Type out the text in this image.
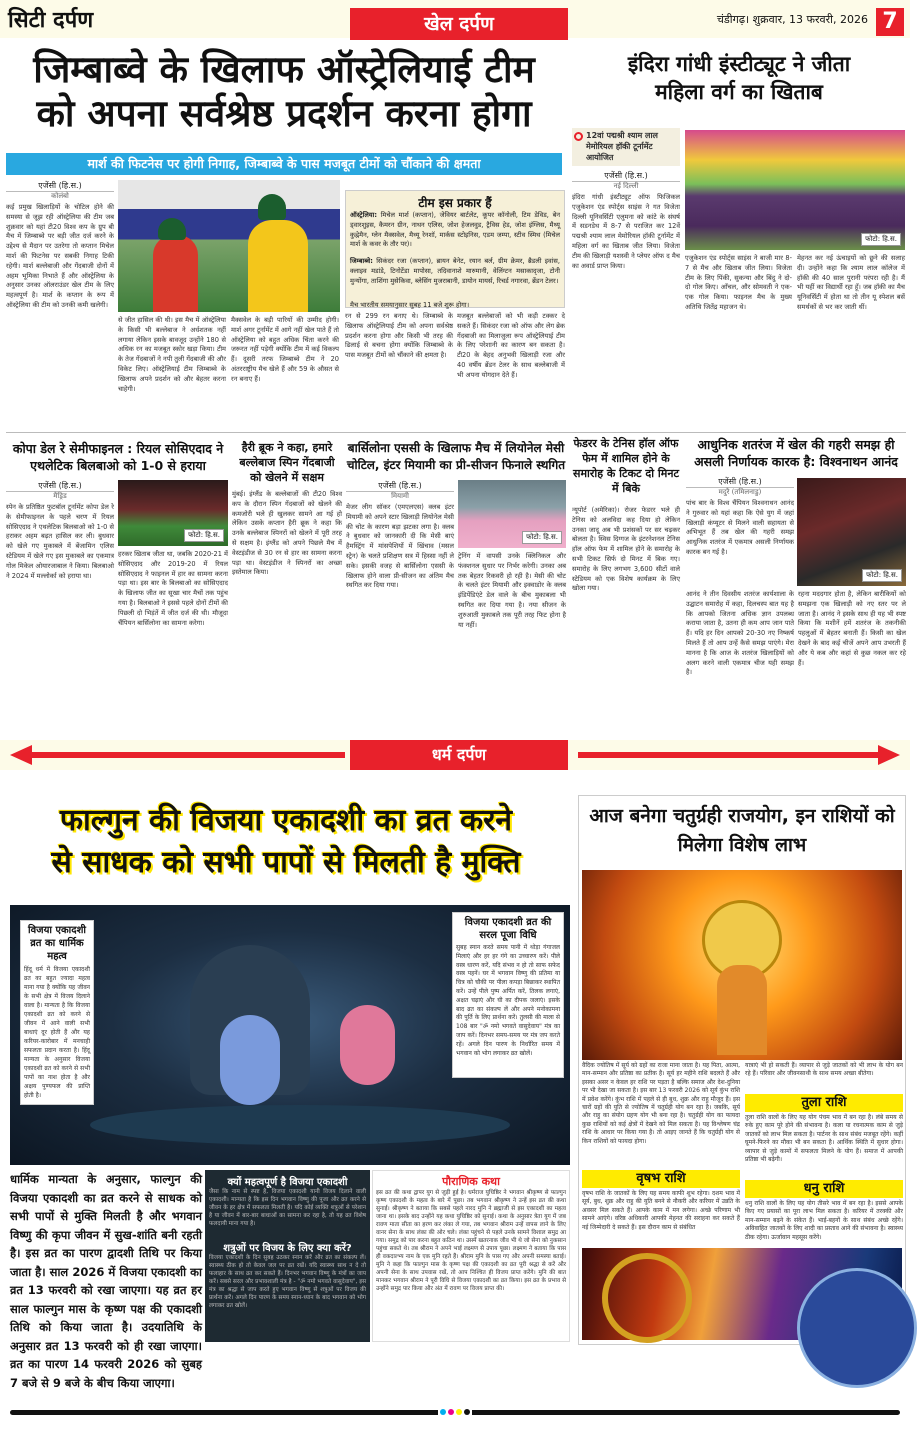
सिटी दर्पण	खेल दर्पण	चंडीगढ़। शुक्रवार, 13 फरवरी, 2026 7
जिम्बाब्वे के खिलाफ ऑस्ट्रेलियाई टीम
को अपना सर्वश्रेष्ठ प्रदर्शन करना होगा
मार्श की फिटनेस पर होगी निगाह, जिम्बाब्वे के पास मजबूत टीमों को चौंकाने की क्षमता
एजेंसी (हि.स.)
कोलंबो
कई प्रमुख खिलाड़ियों के चोटिल होने की समस्या से जूझ रही ऑस्ट्रेलिया की टीम जब शुक्रवार को यहां टी20 विश्व कप के ग्रुप बी मैच में जिम्बाब्वे पर बड़ी जीत दर्ज करने के उद्देश्य से मैदान पर उतरेगा तो कप्तान मिचेल मार्श की फिटनेस पर सबकी निगाह टिकी रहेगी। मार्श बल्लेबाजी और गेंदबाजी दोनों में अहम भूमिका निभाते हैं और ऑस्ट्रेलिया के अनुसार उनका ऑलराउंडर खेल टीम के लिए महत्वपूर्ण है। मार्श के कप्तान के रूप में ऑस्ट्रेलिया की टीम को उनकी कमी खलेगी।
से जीत हासिल की थी। इस मैच में ऑस्ट्रेलिया के किसी भी बल्लेबाज ने अर्धशतक नहीं लगाया लेकिन इसके बावजूद उन्होंने 180 से अधिक रन का मजबूत स्कोर खड़ा किया। टीम के तेज गेंदबाजों ने नपी तुली गेंदबाजी की और विकेट लिए। ऑस्ट्रेलियाई टीम जिम्बाब्वे के खिलाफ अपने प्रदर्शन को और बेहतर करना चाहेगी।
मैक्सवेल के बड़ी पारियों की उम्मीद होगी। मार्श अगर टूर्नामेंट में आगे नहीं खेल पाते हैं तो ऑस्ट्रेलिया को बहुत अधिक चिंता करने की जरूरत नहीं पड़ेगी क्योंकि टीम में कई विकल्प हैं। दूसरी तरफ जिम्बाब्वे टीम ने 20 अंतरराष्ट्रीय मैच खेले हैं और 59 के औसत से रन बनाए हैं।
टीम इस प्रकार हैं
ऑस्ट्रेलिया: मिचेल मार्श (कप्तान), जेवियर बार्टलेट, कूपर कॉनोली, टिम डेविड, बेन ड्वारशुइस, कैमरन ग्रीन, नाथन एलिस, जोश हेजलवुड, ट्रैविस हेड, जोश इंग्लिस, मैथ्यू कुह्नेमैन, ग्लेन मैक्सवेल, मैथ्यू रेनशॉ, मार्कस स्टोइनिस, एडम जम्पा, स्टीव स्मिथ (मिचेल मार्श के कवर के तौर पर)।
जिम्बाब्वे: सिकंदर रजा (कप्तान), ब्रायन बेनेट, रयान बर्ल, ग्रीम क्रेमर, ब्रैडली इवांस, क्लाइव मडांडे, टिनोटेंडा मापोसा, तदिवानाशे मारुमानी, वेलिंग्टन मसाकाद्जा, टोनी मुन्योंगा, ताशिंगा मुसेकिवा, ब्लेसिंग मुजराबानी, डायोन मायर्स, रिचर्ड नगारवा, ब्रेंडन टेलर।
मैच भारतीय समयानुसार सुबह 11 बजे शुरू होगा।
रन से 299 रन बनाए थे। जिम्बाब्वे के खिलाफ ऑस्ट्रेलियाई टीम को अपना सर्वश्रेष्ठ प्रदर्शन करना होगा और किसी भी तरह की ढिलाई से बचना होगा क्योंकि जिम्बाब्वे के पास मजबूत टीमों को चौंकाने की क्षमता है।
मजबूत बल्लेबाजों को भी कड़ी टक्कर दे सकते हैं। सिकंदर रजा को ऑफ और लेग ब्रेक गेंदबाजी का मिलाजुला रूप ऑस्ट्रेलियाई टीम के लिए परेशानी का कारण बन सकता है। टी20 के बेहद अनुभवी खिलाड़ी रजा और 40 वर्षीय ब्रेंडन टेलर के साथ बल्लेबाजी में भी अपना योगदान देते हैं।
इंदिरा गांधी इंस्टीट्यूट ने जीता
महिला वर्ग का खिताब
12वां पद्मश्री श्याम लाल मेमोरियल हॉकी टूर्नामेंट आयोजित
एजेंसी (हि.स.)
नई दिल्ली
इंदिरा गांधी इंस्टीट्यूट ऑफ फिजिकल एजुकेशन एंड स्पोर्ट्स साइंस ने गत विजेता दिल्ली यूनिवर्सिटी एलुमना को कांटे के संघर्ष में सडनडेथ में 8-7 से पराजित कर 12वें पद्मश्री श्याम लाल मेमोरियल हॉकी टूर्नामेंट में महिला वर्ग का खिताब जीत लिया। विजेता टीम की खिलाड़ी यशस्वी ने प्लेयर ऑफ द मैच का अवार्ड प्राप्त किया।
फोटो: हि.स.
एजुकेशन एंड स्पोर्ट्स साइंस ने बाजी मार 8-7 से मैच और खिताब जीत लिया। विजेता टीम के लिए पिंकी, सुकन्या और बिंदु ने दो- दो गोल किए। आँचल, और सोमवती ने एक-एक गोल किया। फाइनल मैच के मुख्य अतिथि जितेंद्र महाजन थे।
मेहनत कर नई ऊंचाइयों को छूने की सलाह दी। उन्होंने कहा कि श्याम लाल कॉलेज में हॉकी की 40 साल पुरानी परंपरा रही है। मैं भी यहीं का विद्यार्थी रहा हूँ। जब हॉकी का मैच यूनिवर्सिटी में होता था तो तीन यू स्पेशल बसें समर्थकों से भर कर जाती थीं।
कोपा डेल रे सेमीफाइनल : रियल सोसिएदाद ने एथलेटिक बिलबाओ को 1-0 से हराया
एजेंसी (हि.स.)
मैड्रिड
स्पेन के प्रतिष्ठित फुटबॉल टूर्नामेंट कोपा डेल रे के सेमीफाइनल के पहले चरण में रियल सोसिएदाद ने एथलेटिक बिलबाओ को 1-0 से हराकर अहम बढ़त हासिल कर ली। बुधवार को खेले गए मुकाबले में बेंजामिन एलिस स्टेडियम में खेले गए इस मुकाबले का एकमात्र गोल मिकेल ओयारजाबाल ने किया। बिलबाओ ने 2024 में मल्लोर्का को हराया था।
फोटो: हि.स.
हरकर खिताब जीता था, जबकि 2020-21 में सोसिएदाद और 2019-20 में रियल सोसिएदाद ने फाइनल में हार का सामना करना पड़ा था। इस बार के बिलबाओ का सोसिएदाद के खिलाफ जीत का सूखा चार मैचों तक पहुंच गया है। बिलबाओ ने इससे पहले दोनों टीमों की पिछली दो भिड़ंतें में जीत दर्ज की थी। मौजूदा चैंपियन बार्सिलोना का सामना करेगा।
हैरी ब्रूक ने कहा, हमारे बल्लेबाज स्पिन गेंदबाजी को खेलने में सक्षम
मुंबई। इंग्लैंड के बल्लेबाजों की टी20 विश्व कप के दौरान स्पिन गेंदबाजों को खेलने की कमजोरी भले ही खुलकर सामने आ गई हो लेकिन उसके कप्तान हैरी ब्रूक ने कहा कि उनके बल्लेबाज स्पिनरों को खेलने में पूरी तरह से सक्षम है। इंग्लैंड को अपने पिछले मैच में वेस्टइंडीज से 30 रन से हार का सामना करना पड़ा था। वेस्टइंडीज ने स्पिनरों का अच्छा इस्तेमाल किया।
बार्सिलोना एससी के खिलाफ मैच में लियोनेल मेसी चोटिल, इंटर मियामी का प्री-सीजन फिनाले स्थगित
एजेंसी (हि.स.)
मियामी
मेजर लीग सॉकर (एमएलएस) क्लब इंटर मियामी को अपने स्टार खिलाड़ी लियोनेल मेसी की चोट के कारण बड़ा झटका लगा है। क्लब ने बुधवार को जानकारी दी कि मेसी बाएं हैमस्ट्रिंग में मांसपेशियों में खिंचाव (मसल स्ट्रेन) के चलते प्रशिक्षण सत्र में हिस्सा नहीं ले सके। इसकी वजह से बार्सिलोना एससी के खिलाफ होने वाला प्री-सीजन का अंतिम मैच स्थगित कर दिया गया।
फोटो: हि.स.
ट्रेनिंग में वापसी उनके क्लिनिकल और फंक्शनल सुधार पर निर्भर करेगी। उनका अब तक बेहतर रिकवरी हो रही है। मेसी की चोट के चलते इंटर मियामी और इक्वाडोर के क्लब इंडिपेंडिएंटे डेल वाले के बीच मुकाबला भी स्थगित कर दिया गया है। नया सीजन के शुरुआती मुकाबले तक पूरी तरह फिट होना है या नहीं।
फेडरर के टेनिस हॉल ऑफ फेम में शामिल होने के समारोह के टिकट दो मिनट में बिके
न्यूपोर्ट (अमेरिका)। रोजर फेडरर भले ही टेनिस को अलविदा कह दिया हो लेकिन उनका जादू अब भी प्रशंसकों पर सर चढ़कर बोलता है। स्विस दिग्गज के इंटरनेशनल टेनिस हॉल ऑफ फेम में शामिल होने के समारोह के सभी टिकट सिर्फ दो मिनट में बिक गए। समारोह के लिए लगभग 3,600 सीटों वाले स्टेडियम को एक विशेष कार्यक्रम के लिए खोला गया।
आधुनिक शतरंज में खेल की गहरी समझ ही असली निर्णायक कारक है: विश्वनाथन आनंद
एजेंसी (हि.स.)
मदुरै (तमिलनाडु)
पांच बार के विश्व चैंपियन विश्वनाथन आनंद ने गुरुवार को यहां कहा कि ऐसे युग में जहां खिलाड़ी कंप्यूटर से मिलने वाली सहायता से अभिभूत हैं तब खेल की गहरी समझ आधुनिक शतरंज में एकमात्र असली निर्णायक कारक बन गई है।
फोटो: हि.स.
आनंद ने तीन दिवसीय शतरंज कार्यशाला के उद्घाटन समारोह में कहा, दिलचस्प बात यह है कि आपको जितना अधिक ज्ञान उपलब्ध कराया जाता है, उतना ही कम आप जान पाते हैं। यदि हर दिन आपको 20-30 नए निष्कर्ष मिलते हैं तो आप उन्हें कैसे समझ पाएंगे। मेरा मानना है कि आज के शतरंज खिलाड़ियों को अलग करने वाली एकमात्र चीज यही समझ है।
रहना मददगार होता है, लेकिन बारीकियों को समझना एक खिलाड़ी को नए स्तर पर ले जाता है। आनंद ने इसके साथ ही यह भी स्पष्ट किया कि मशीनें हमें शतरंज के तकनीकी पहलुओं में बेहतर बनाती हैं। किसी का खेल देखने के बाद कई चीजें अपने आप उभरती हैं और ये कब और कहां से कुछ नकल कर रहे हैं।
धर्म दर्पण
फाल्गुन की विजया एकादशी का व्रत करने
से साधक को सभी पापों से मिलती है मुक्ति
विजया एकादशी व्रत का धार्मिक महत्व
हिंदू धर्म में विजया एकादशी व्रत का बहुत ज्यादा महत्व माना गया है क्योंकि यह जीवन के सभी क्षेत्र में विजय दिलाने वाला है। मान्यता है कि विजया एकादशी व्रत को करने से जीवन में आने वाली सभी बाधाएं दूर होती हैं और यह करियर-कारोबार में मनचाही सफलता प्रदान करता है। हिंदू मान्यता के अनुसार विजया एकादशी व्रत को करने से सभी पापों का नाश होता है और अक्षय पुण्यफल की प्राप्ति होती है।
विजया एकादशी व्रत की सरल पूजा विधि
सुबह स्नान करते समय पानी में थोड़ा गंगाजल मिलाएं और हर हर गंगे का उच्चारण करें। पीले वस्त्र धारण करें, यदि संभव न हो तो साफ सफेद वस्त्र पहनें। घर में भगवान विष्णु की प्रतिमा या चित्र को चौकी पर पीला कपड़ा बिछाकर स्थापित करें। उन्हें पीले पुष्प अर्पित करें, तिलक लगाएं, अक्षत चढ़ाएं और घी का दीपक जलाएं। इसके बाद व्रत का संकल्प लें और अपने मनोकामना की पूर्ति के लिए प्रार्थना करें। तुलसी की माला से 108 बार "ॐ नमो भगवते वासुदेवाय" मंत्र का जाप करें। दिनभर समय-समय पर मंत्र जप करते रहें। अगले दिन पारण के निर्धारित समय में भगवान को भोग लगाकर व्रत खोलें।
धार्मिक मान्यता के अनुसार, फाल्गुन की विजया एकादशी का व्रत करने से साधक को सभी पापों से मुक्ति मिलती है और भगवान विष्णु की कृपा जीवन में सुख-शांति बनी रहती है। इस व्रत का पारण द्वादशी तिथि पर किया जाता है। साल 2026 में विजया एकादशी का व्रत 13 फरवरी को रखा जाएगा। यह व्रत हर साल फाल्गुन मास के कृष्ण पक्ष की एकादशी तिथि को किया जाता है। उदयातिथि के अनुसार व्रत 13 फरवरी को ही रखा जाएगा। व्रत का पारण 14 फरवरी 2026 को सुबह 7 बजे से 9 बजे के बीच किया जाएगा।
क्यों महत्वपूर्ण है विजया एकादशी
जैसा कि नाम से स्पष्ट है, विजया एकादशी यानी विजय दिलाने वाली एकादशी। मान्यता है कि इस दिन भगवान विष्णु की पूजा और व्रत करने से जीवन के हर क्षेत्र में सफलता मिलती है। यदि कोई व्यक्ति शत्रुओं से परेशान है या जीवन में बार-बार बाधाओं का सामना कर रहा है, तो यह व्रत विशेष फलदायी माना गया है।
शत्रुओं पर विजय के लिए क्या करें?
विजया एकादशी के दिन सुबह उठकर स्नान करें और व्रत का संकल्प लें। स्वास्थ्य ठीक हो तो केवल जल पर व्रत रखें। यदि स्वास्थ्य साथ न दे तो फलाहार के साथ व्रत कर सकते हैं। दिनभर भगवान विष्णु के मंत्रों का जाप करें। सबसे सरल और प्रभावशाली मंत्र है - "ॐ नमो भगवते वासुदेवाय", इस मंत्र का श्रद्धा से जाप करते हुए भगवान विष्णु से शत्रुओं पर विजय की प्रार्थना करें। अगले दिन पारण के समय स्नान-ध्यान के बाद भगवान को भोग लगाकर व्रत खोलें।
पौराणिक कथा
इस व्रत की कथा द्वापर युग से जुड़ी हुई है। धर्मराज युधिष्ठिर ने भगवान श्रीकृष्ण से फाल्गुन कृष्ण एकादशी के महत्व के बारे में पूछा। तब भगवान श्रीकृष्ण ने उन्हें इस व्रत की कथा सुनाई। श्रीकृष्ण ने बताया कि सबसे पहले नारद मुनि ने ब्रह्माजी से इस एकादशी का महत्व जाना था। इसके बाद उन्होंने यह कथा युधिष्ठिर को सुनाई। कथा के अनुसार त्रेता युग में जब रावण माता सीता का हरण कर लंका ले गया, तब भगवान श्रीराम उन्हें वापस लाने के लिए वानर सेना के साथ लंका की ओर चले। लंका पहुंचने से पहले उनके सामने विशाल समुद्र आ गया। समुद्र को पार करना बहुत कठिन था। उसमें खतरनाक जीव भी थे जो सेना को नुकसान पहुंचा सकते थे। तब श्रीराम ने अपने भाई लक्ष्मण से उपाय पूछा। लक्ष्मण ने बताया कि पास ही वकदाल्भ्य नाम के एक मुनि रहते हैं। श्रीराम मुनि के पास गए और अपनी समस्या बताई। मुनि ने कहा कि फाल्गुन मास के कृष्ण पक्ष की एकादशी का व्रत पूरी श्रद्धा से करें और अपनी सेना के साथ उपवास रखें, तो आप निश्चित ही विजय प्राप्त करेंगे। मुनि की बात मानकर भगवान श्रीराम ने पूरी विधि से विजया एकादशी का व्रत किया। इस व्रत के प्रभाव से उन्होंने समुद्र पार किया और अंत में रावण पर विजय प्राप्त की।
आज बनेगा चतुर्ग्रही राजयोग, इन राशियों को मिलेगा विशेष लाभ
वैदिक ज्योतिष में सूर्य को ग्रहों का राजा माना जाता है। यह पिता, आत्मा, मान-सम्मान और प्रतिष्ठा का प्रतीक है। सूर्य हर महीने राशि बदलते हैं और इसका असर न केवल हर राशि पर पड़ता है बल्कि समाज और देश-दुनिया पर भी देखा जा सकता है। इस बार 13 फरवरी 2026 को सूर्य कुंभ राशि में प्रवेश करेंगे। कुंभ राशि में पहले से ही बुध, शुक्र और राहु मौजूद हैं। इस चारों ग्रहों की युति से ज्योतिष में चतुर्ग्रही योग बन रहा है। जबकि, सूर्य और राहु का संयोग ग्रहण योग भी बना रहा है। चतुर्ग्रही योग का फायदा कुछ राशियों को कई क्षेत्रों में देखने को मिल सकता है। यह विश्लेषण चंद्र राशि के आधार पर किया गया है। तो आइए जानते हैं कि चतुर्ग्रही योग से किन राशियों को फायदा होगा।
यात्राएं भी हो सकती हैं। व्यापार से जुड़े जातकों को भी लाभ के योग बन रहे हैं। परिवार और जीवनसाथी के साथ समय अच्छा बीतेगा।
तुला राशि
तुला राशि वालों के लिए यह योग पंचम भाव में बन रहा है। लंबे समय से रुके हुए काम पूरे होने की संभावना है। कला या रचनात्मक काम से जुड़े जातकों को लाभ मिल सकता है। पार्टनर के साथ संबंध मजबूत रहेंगे। कहीं घूमने-फिरने का मौका भी बन सकता है। आर्थिक स्थिति में सुधार होगा। व्यापार से जुड़े कामों में सफलता मिलने के योग हैं। समाज में आपकी प्रतिष्ठा भी बढ़ेगी।
वृषभ राशि
वृषभ राशि के जातकों के लिए यह समय काफी शुभ रहेगा। दशम भाव में सूर्य, बुध, शुक्र और राहु की युति बनने से नौकरी और करियर में उन्नति के अवसर मिल सकते हैं। आपके काम में मन लगेगा। अच्छे परिणाम भी सामने आएंगे। वरिष्ठ अधिकारी आपकी मेहनत की सराहना कर सकते हैं नई जिम्मेदारी दे सकते हैं। इस दौरान काम से संबंधित
धनु राशि
धनु राशि वालों के लिए यह योग तीसरे भाव में बन रहा है। इससे आपके किए गए प्रयासों का पूरा लाभ मिल सकता है। करियर में तरक्की और मान-सम्मान बढ़ने के संकेत हैं। भाई-बहनों के साथ संबंध अच्छे रहेंगे। अविवाहित जातकों के लिए शादी का प्रस्ताव आने की संभावना है। स्वास्थ्य ठीक रहेगा। ऊर्जावान महसूस करेंगे।
